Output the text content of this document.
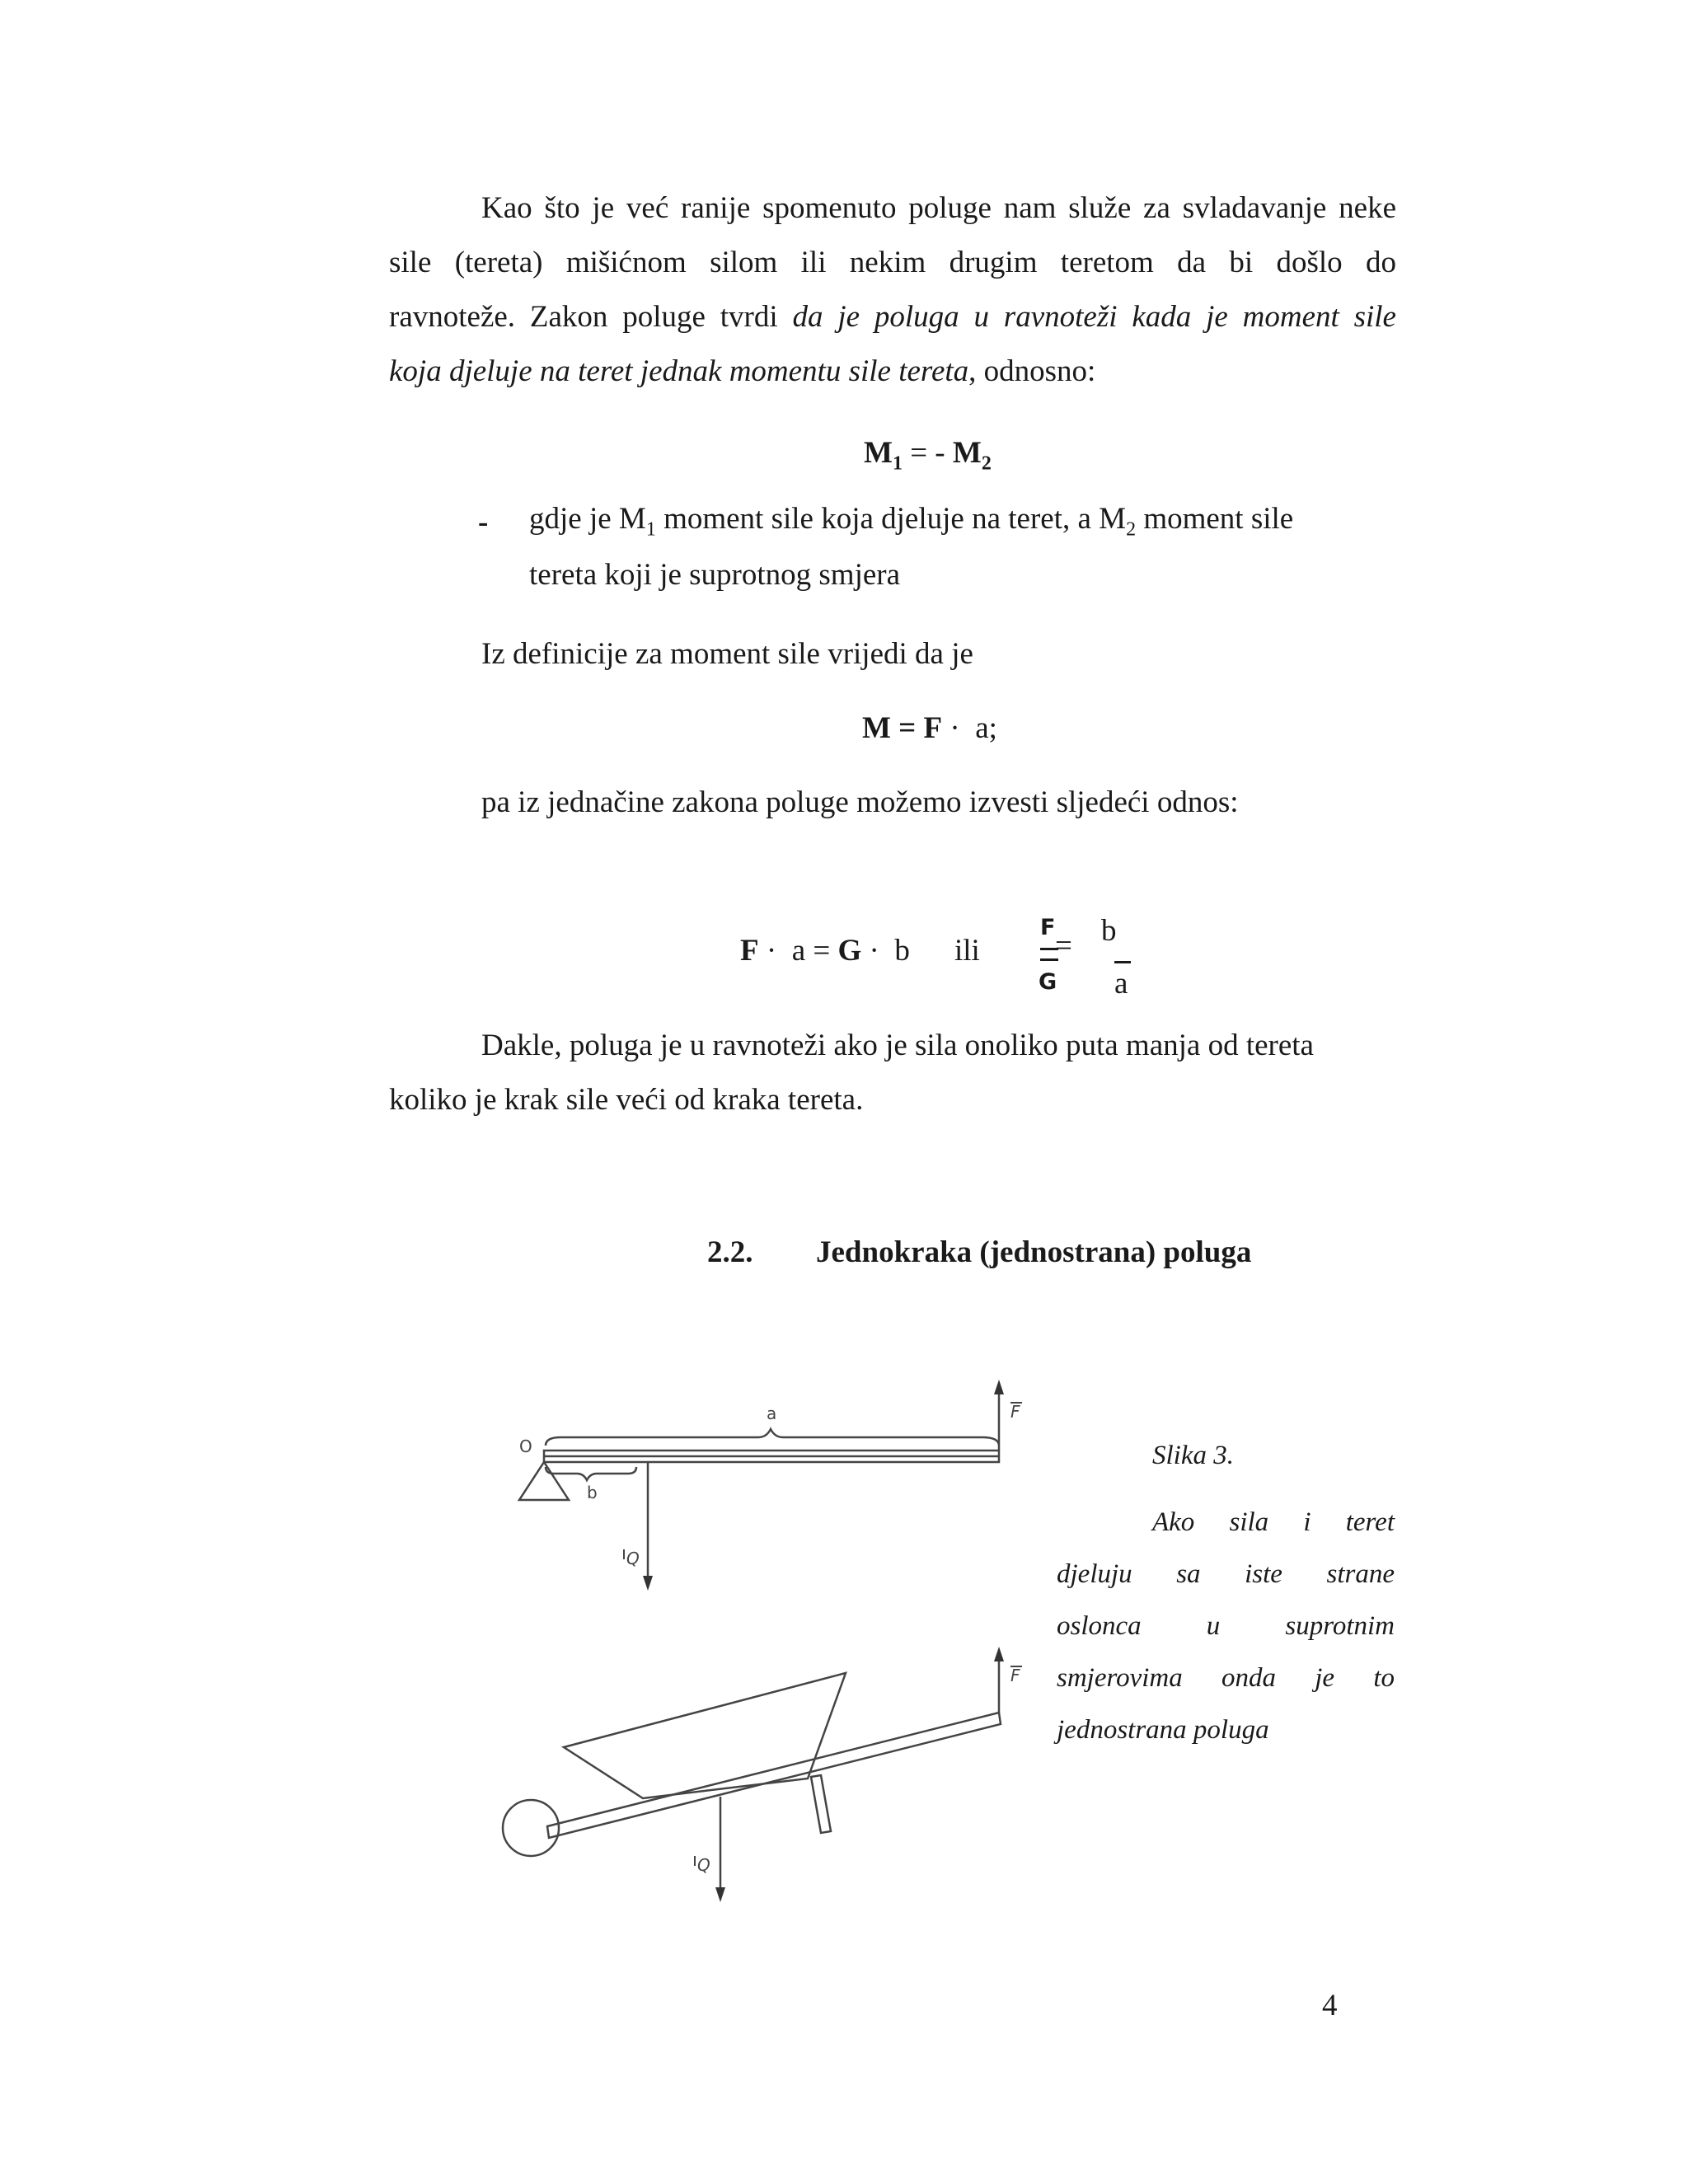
Kao što je već ranije spomenuto poluge nam služe za svladavanje neke
sile (tereta) mišićnom silom ili nekim drugim teretom da bi došlo do
ravnoteže. Zakon poluge tvrdi da je poluga u ravnoteži kada je moment sile
koja djeluje na teret jednak momentu sile tereta, odnosno:
$M_1$ = - $M_2$
- gdje je $M_1$ moment sile koja djeluje na teret, a $M_2$ moment sile
tereta koji je suprotnog smjera
Iz definicije za moment sile vrijedi da je
M = F ·  a;
pa iz jednačine zakona poluge možemo izvesti sljedeći odnos:
F ·  a = G ·  b ili
F
=
G
b
a
Dakle, poluga je u ravnoteži ako je sila onoliko puta manja od tereta
koliko je krak sile veći od kraka tereta.
2.2. Jednokraka (jednostrana) poluga
O
a
b
F
Q
F
Q
Slika 3.
Ako sila i teret
djeluju sa iste strane
oslonca u suprotnim
smjerovima onda je to
jednostrana poluga
4
